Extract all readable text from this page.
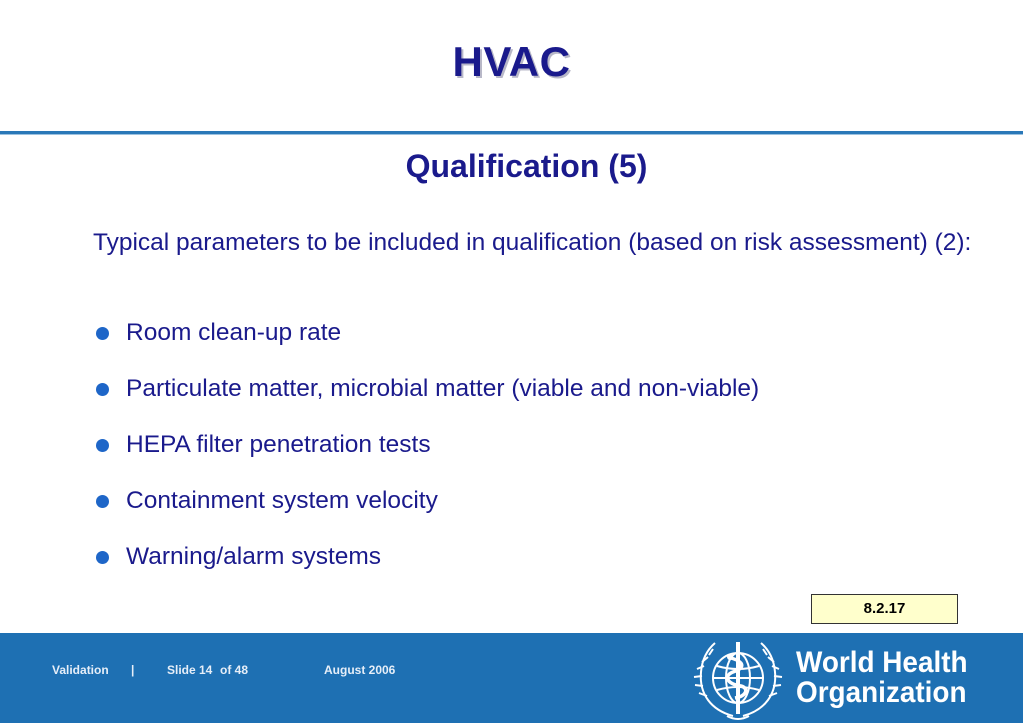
HVAC
Qualification (5)
Typical parameters to be included in qualification (based on risk assessment) (2):
Room clean-up rate
Particulate matter, microbial matter (viable and non-viable)
HEPA filter penetration tests
Containment system velocity
Warning/alarm systems
8.2.17
Validation |	Slide 14 of 48	August 2006	World Health
Organization
